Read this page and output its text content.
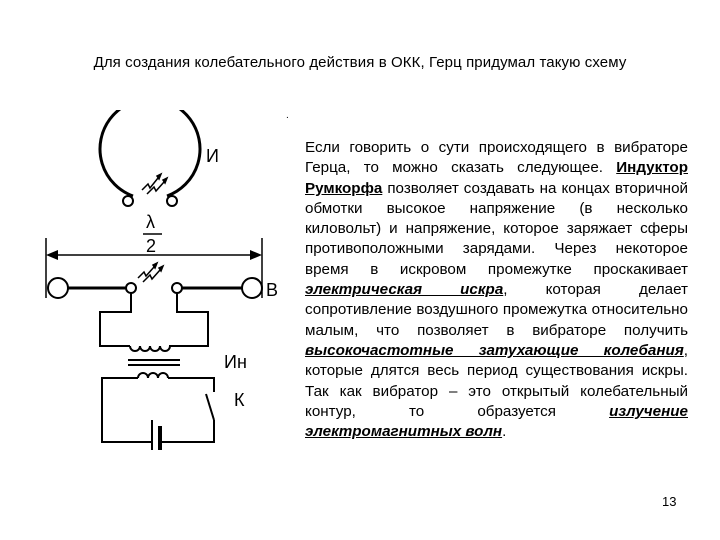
Для создания колебательного действия в ОКК, Герц придумал такую схему
.
И
λ
2
В
Ин
К
Если говорить о сути происходящего в вибраторе Герца, то можно сказать следующее. Индуктор Румкорфа позволяет создавать на концах вторичной обмотки высокое напряжение (в несколько киловольт) и напряжение, которое заряжает сферы противоположными зарядами. Через некоторое время в искровом промежутке проскакивает электрическая искра, которая делает сопротивление воздушного промежутка относительно малым, что позволяет в вибраторе получить высокочастотные затухающие колебания, которые длятся весь период существования искры. Так как вибратор – это открытый колебательный контур, то образуется излучение электромагнитных волн.
13
